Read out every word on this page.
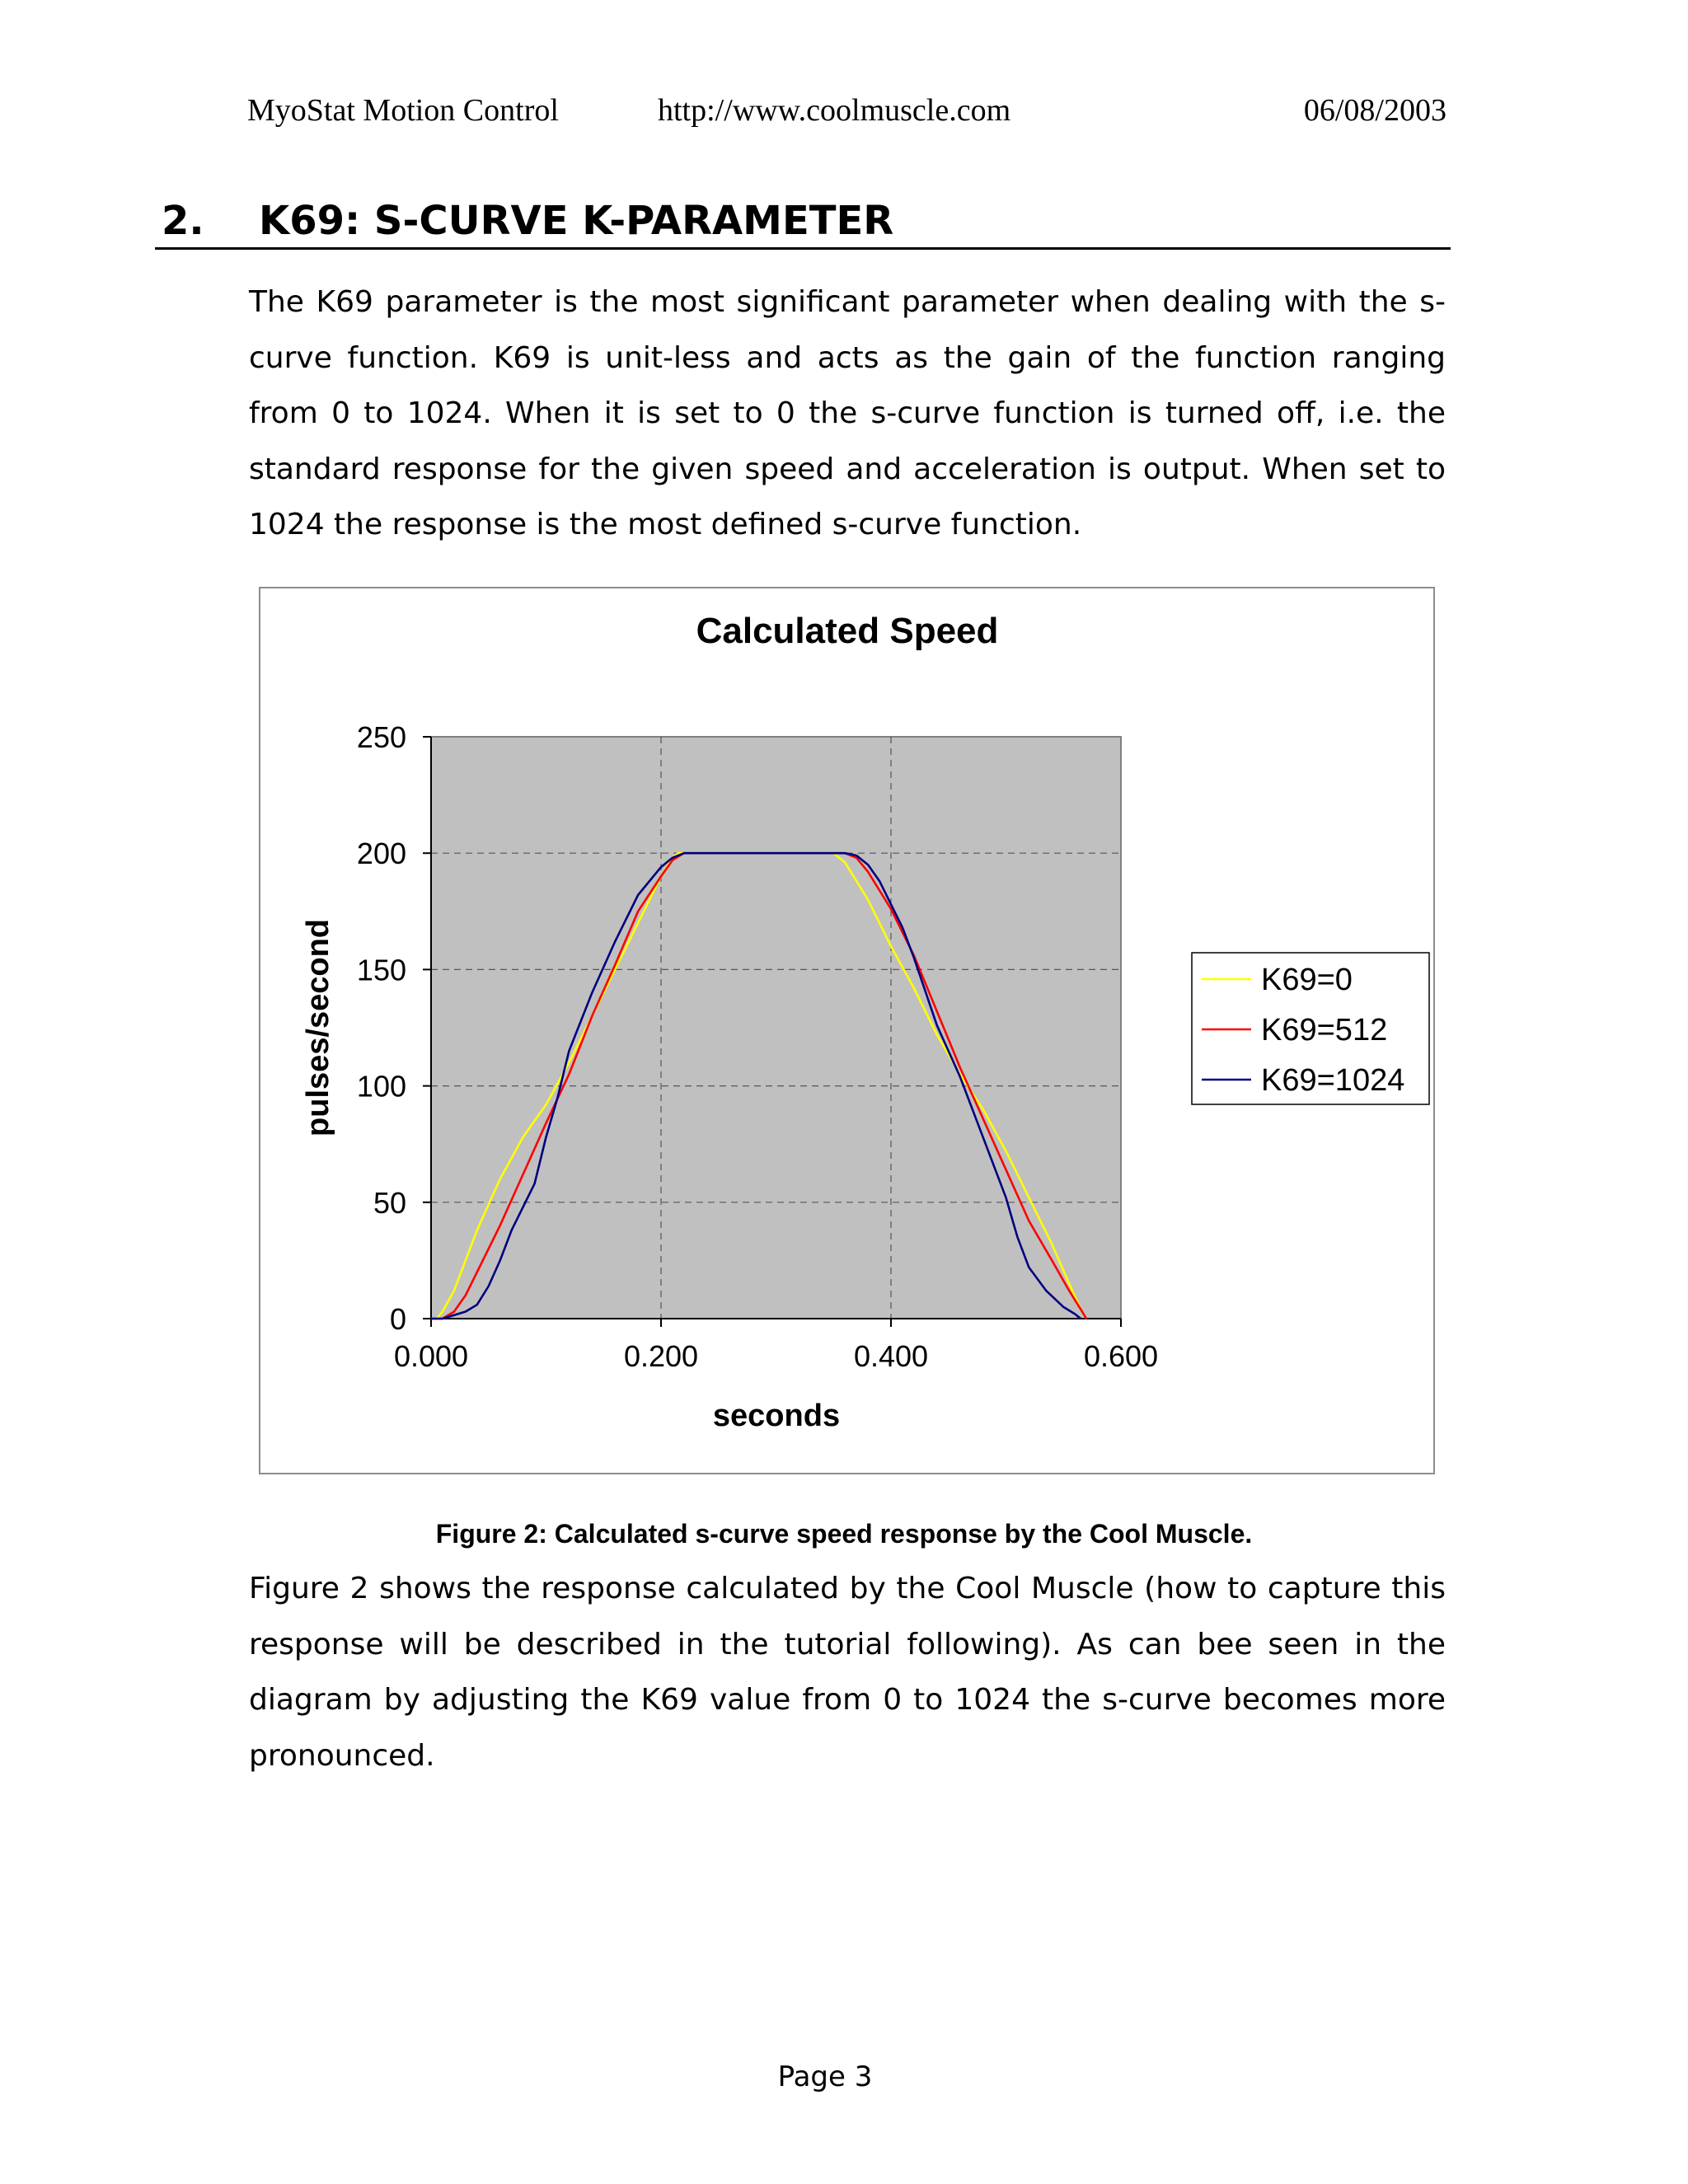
MyoStat Motion Control	http://www.coolmuscle.com	06/08/2003
2. K69: S-CURVE K-PARAMETER

The K69 parameter is the most significant parameter when dealing with the s-curve function. K69 is unit-less and acts as the gain of the function ranging from 0 to 1024. When it is set to 0 the s-curve function is turned off, i.e. the standard response for the given speed and acceleration is output. When set to 1024 the response is the most defined s-curve function.

Calculated Speed
0
50
100
150
200
250
0.000	0.200	0.400	0.600
seconds
pulses/second	K69=0
K69=512
K69=1024
Figure 2: Calculated s-curve speed response by the Cool Muscle.

Figure 2 shows the response calculated by the Cool Muscle (how to capture this response will be described in the tutorial following). As can bee seen in the diagram by adjusting the K69 value from 0 to 1024 the s-curve becomes more pronounced.

Page 3
